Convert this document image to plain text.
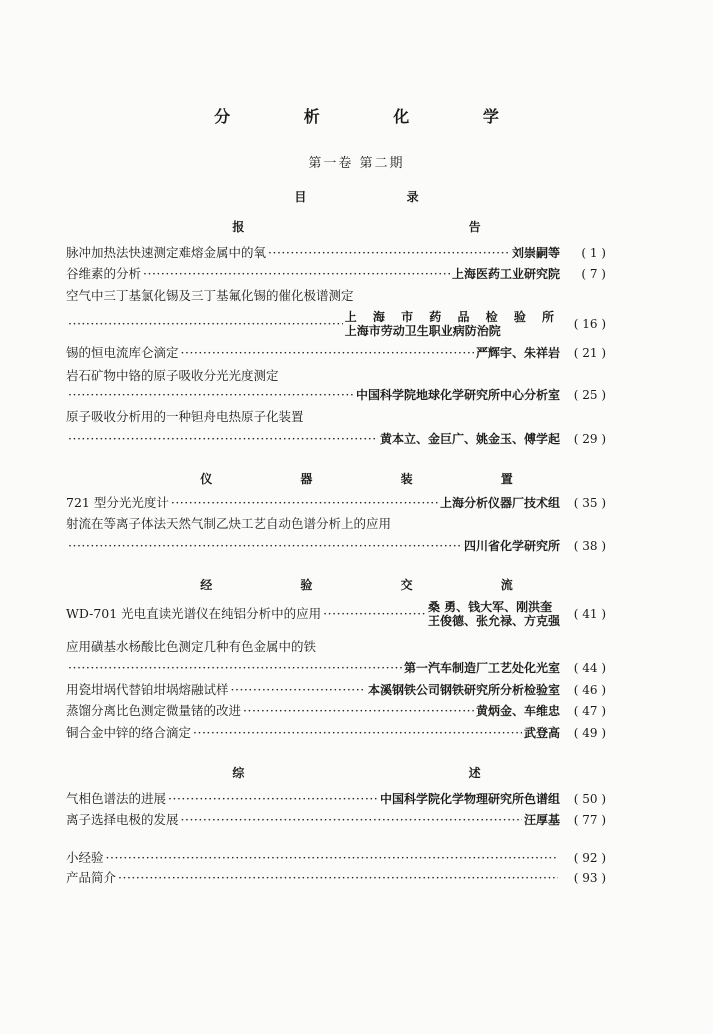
分 析 化 学
第一卷 第二期
目 录
报 告
脉冲加热法快速测定难熔金属中的氧 ·····	刘崇嗣等	( 1 )
谷维素的分析 ·····	上海医药工业研究院	( 7 )
空气中三丁基氯化锡及三丁基氟化锡的催化极谱测定
·····
上 海 市 药 品 检 验 所
上海市劳动卫生职业病防治院	( 16 )
锡的恒电流库仑滴定 ·····	严辉宇、朱祥岩	( 21 )
岩石矿物中铬的原子吸收分光光度测定
·····
中国科学院地球化学研究所中心分析室	( 25 )
原子吸收分析用的一种钽舟电热原子化装置
·····
黄本立、金巨广、姚金玉、傅学起	( 29 )
仪 器 装 置
721 型分光光度计 ·····	上海分析仪器厂技术组	( 35 )
射流在等离子体法天然气制乙炔工艺自动色谱分析上的应用
·····
四川省化学研究所	( 38 )
经 验 交 流
WD-701 光电直读光谱仪在纯铝分析中的应用 ·····	桑 勇、钱大军、刚洪奎
王俊德、张允禄、方克强	( 41 )
应用磺基水杨酸比色测定几种有色金属中的铁
·····
第一汽车制造厂工艺处化光室	( 44 )
用瓷坩埚代替铂坩埚熔融试样 ·····	本溪钢铁公司钢铁研究所分析检验室	( 46 )
蒸馏分离比色测定微量锗的改进 ·····	黄炳金、车维忠	( 47 )
铜合金中锌的络合滴定 ·····	武登高	( 49 )
综 述
气相色谱法的进展 ·····	中国科学院化学物理研究所色谱组	( 50 )
离子选择电极的发展 ·····	汪厚基	( 77 )
小经验 ·····	( 92 )
产品简介 ·····	( 93 )
